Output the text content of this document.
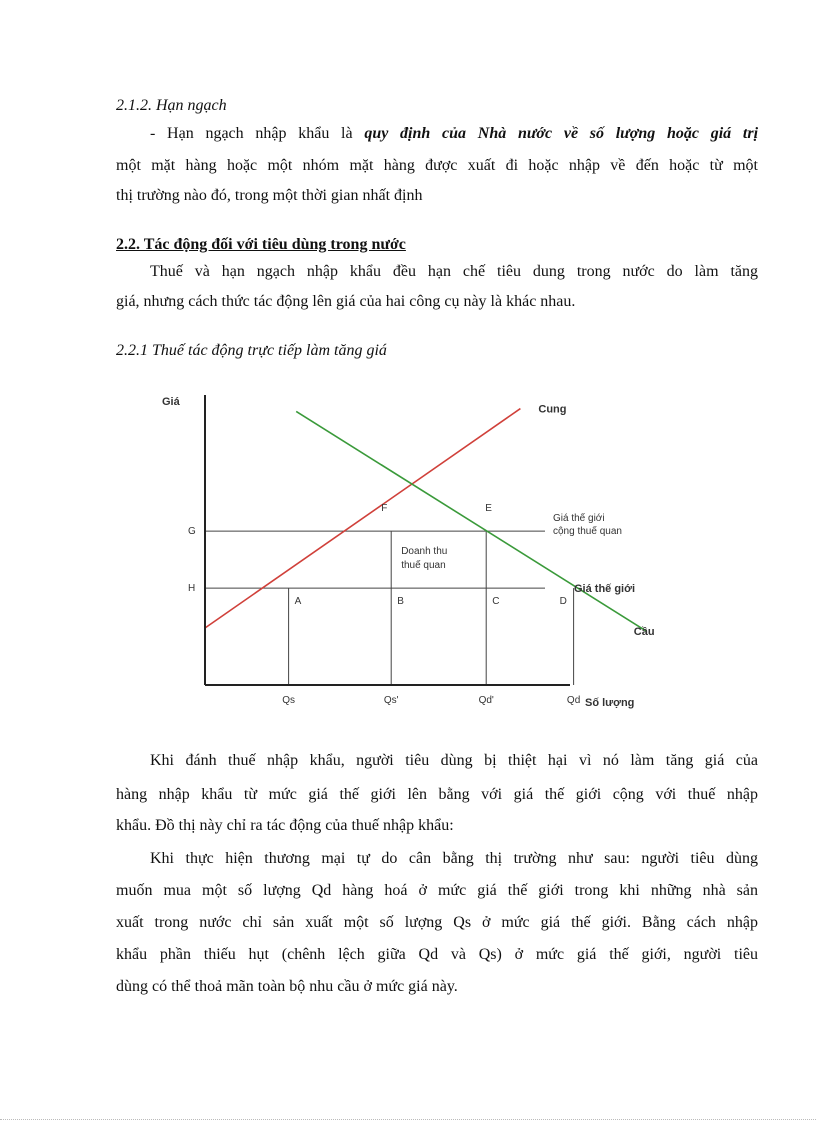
2.1.2. Hạn ngạch
- Hạn ngạch nhập khẩu là quy định của Nhà nước về số lượng hoặc giá trị
một mặt hàng hoặc một nhóm mặt hàng được xuất đi hoặc nhập về đến hoặc từ một
thị trường nào đó, trong một thời gian nhất định
2.2. Tác động đối với tiêu dùng trong nước
Thuế và hạn ngạch nhập khẩu đều hạn chế tiêu dung trong nước do làm tăng
giá, nhưng cách thức tác động lên giá của hai công cụ này là khác nhau.
2.2.1 Thuế tác động trực tiếp làm tăng giá
G
H
Qs	Qs'	Qd'	Qd
Cung
Cầu
Giá thế giới
cộng thuế quan
Giá thế giới
A	B	C	D
F	E
Doanh thu
thuế quan
Giá
Số lượng
Khi đánh thuế nhập khẩu, người tiêu dùng bị thiệt hại vì nó làm tăng giá của
hàng nhập khẩu từ mức giá thế giới lên bằng với giá thế giới cộng với thuế nhập
khẩu. Đồ thị này chỉ ra tác động của thuế nhập khẩu:
Khi thực hiện thương mại tự do cân bằng thị trường như sau: người tiêu dùng
muốn mua một số lượng Qd hàng hoá ở mức giá thế giới trong khi những nhà sản
xuất trong nước chỉ sản xuất một số lượng Qs ở mức giá thế giới. Bằng cách nhập
khẩu phần thiếu hụt (chênh lệch giữa Qd và Qs) ở mức giá thế giới, người tiêu
dùng có thể thoả mãn toàn bộ nhu cầu ở mức giá này.
